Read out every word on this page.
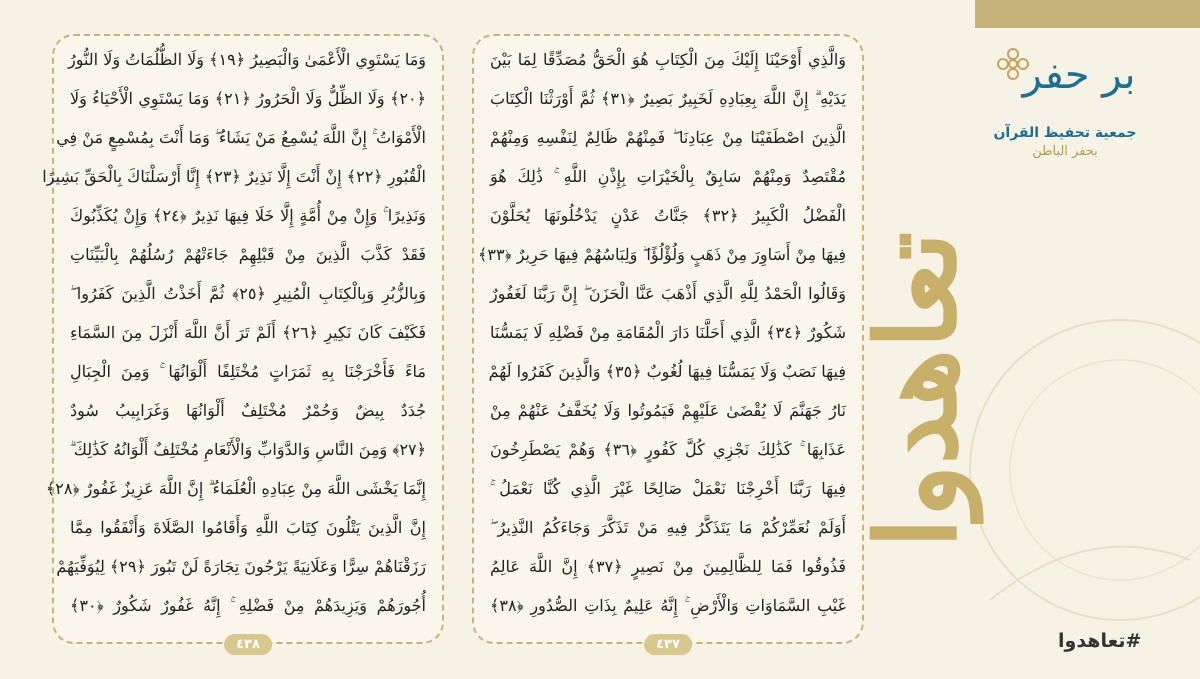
وَالَّذِي أَوْحَيْنَا إِلَيْكَ مِنَ الْكِتَابِ هُوَ الْحَقُّ مُصَدِّقًا لِمَا بَيْنَ
يَدَيْهِ ۗ إِنَّ اللَّهَ بِعِبَادِهِ لَخَبِيرٌ بَصِيرٌ ﴿٣١﴾ ثُمَّ أَوْرَثْنَا الْكِتَابَ
الَّذِينَ اصْطَفَيْنَا مِنْ عِبَادِنَا ۖ فَمِنْهُمْ ظَالِمٌ لِنَفْسِهِ وَمِنْهُمْ
مُقْتَصِدٌ وَمِنْهُمْ سَابِقٌ بِالْخَيْرَاتِ بِإِذْنِ اللَّهِ ۚ ذَٰلِكَ هُوَ
الْفَضْلُ الْكَبِيرُ ﴿٣٢﴾ جَنَّاتُ عَدْنٍ يَدْخُلُونَهَا يُحَلَّوْنَ
فِيهَا مِنْ أَسَاوِرَ مِنْ ذَهَبٍ وَلُؤْلُؤًا ۖ وَلِبَاسُهُمْ فِيهَا حَرِيرٌ ﴿٣٣﴾
وَقَالُوا الْحَمْدُ لِلَّهِ الَّذِي أَذْهَبَ عَنَّا الْحَزَنَ ۖ إِنَّ رَبَّنَا لَغَفُورٌ
شَكُورٌ ﴿٣٤﴾ الَّذِي أَحَلَّنَا دَارَ الْمُقَامَةِ مِنْ فَضْلِهِ لَا يَمَسُّنَا
فِيهَا نَصَبٌ وَلَا يَمَسُّنَا فِيهَا لُغُوبٌ ﴿٣٥﴾ وَالَّذِينَ كَفَرُوا لَهُمْ
نَارُ جَهَنَّمَ لَا يُقْضَىٰ عَلَيْهِمْ فَيَمُوتُوا وَلَا يُخَفَّفُ عَنْهُمْ مِنْ
عَذَابِهَا ۚ كَذَٰلِكَ نَجْزِي كُلَّ كَفُورٍ ﴿٣٦﴾ وَهُمْ يَصْطَرِخُونَ
فِيهَا رَبَّنَا أَخْرِجْنَا نَعْمَلْ صَالِحًا غَيْرَ الَّذِي كُنَّا نَعْمَلُ ۚ
أَوَلَمْ نُعَمِّرْكُمْ مَا يَتَذَكَّرُ فِيهِ مَنْ تَذَكَّرَ وَجَاءَكُمُ النَّذِيرُ ۖ
فَذُوقُوا فَمَا لِلظَّالِمِينَ مِنْ نَصِيرٍ ﴿٣٧﴾ إِنَّ اللَّهَ عَالِمُ
غَيْبِ السَّمَاوَاتِ وَالْأَرْضِ ۚ إِنَّهُ عَلِيمٌ بِذَاتِ الصُّدُورِ ﴿٣٨﴾
٤٣٧
وَمَا يَسْتَوِي الْأَعْمَىٰ وَالْبَصِيرُ ﴿١٩﴾ وَلَا الظُّلُمَاتُ وَلَا النُّورُ
﴿٢٠﴾ وَلَا الظِّلُّ وَلَا الْحَرُورُ ﴿٢١﴾ وَمَا يَسْتَوِي الْأَحْيَاءُ وَلَا
الْأَمْوَاتُ ۚ إِنَّ اللَّهَ يُسْمِعُ مَنْ يَشَاءُ ۖ وَمَا أَنْتَ بِمُسْمِعٍ مَنْ فِي
الْقُبُورِ ﴿٢٢﴾ إِنْ أَنْتَ إِلَّا نَذِيرٌ ﴿٢٣﴾ إِنَّا أَرْسَلْنَاكَ بِالْحَقِّ بَشِيرًا
وَنَذِيرًا ۚ وَإِنْ مِنْ أُمَّةٍ إِلَّا خَلَا فِيهَا نَذِيرٌ ﴿٢٤﴾ وَإِنْ يُكَذِّبُوكَ
فَقَدْ كَذَّبَ الَّذِينَ مِنْ قَبْلِهِمْ جَاءَتْهُمْ رُسُلُهُمْ بِالْبَيِّنَاتِ
وَبِالزُّبُرِ وَبِالْكِتَابِ الْمُنِيرِ ﴿٢٥﴾ ثُمَّ أَخَذْتُ الَّذِينَ كَفَرُوا ۖ
فَكَيْفَ كَانَ نَكِيرِ ﴿٢٦﴾ أَلَمْ تَرَ أَنَّ اللَّهَ أَنْزَلَ مِنَ السَّمَاءِ
مَاءً فَأَخْرَجْنَا بِهِ ثَمَرَاتٍ مُخْتَلِفًا أَلْوَانُهَا ۚ وَمِنَ الْجِبَالِ
جُدَدٌ بِيضٌ وَحُمْرٌ مُخْتَلِفٌ أَلْوَانُهَا وَغَرَابِيبُ سُودٌ
﴿٢٧﴾ وَمِنَ النَّاسِ وَالدَّوَابِّ وَالْأَنْعَامِ مُخْتَلِفٌ أَلْوَانُهُ كَذَٰلِكَ ۗ
إِنَّمَا يَخْشَى اللَّهَ مِنْ عِبَادِهِ الْعُلَمَاءُ ۗ إِنَّ اللَّهَ عَزِيزٌ غَفُورٌ ﴿٢٨﴾
إِنَّ الَّذِينَ يَتْلُونَ كِتَابَ اللَّهِ وَأَقَامُوا الصَّلَاةَ وَأَنْفَقُوا مِمَّا
رَزَقْنَاهُمْ سِرًّا وَعَلَانِيَةً يَرْجُونَ تِجَارَةً لَنْ تَبُورَ ﴿٢٩﴾ لِيُوَفِّيَهُمْ
أُجُورَهُمْ وَيَزِيدَهُمْ مِنْ فَضْلِهِ ۚ إِنَّهُ غَفُورٌ شَكُورٌ ﴿٣٠﴾
٤٣٨
بر حفر
جمعية تحفيظ القرآن
بحفر الباطن
تعاهدوا
#تعاهدوا
